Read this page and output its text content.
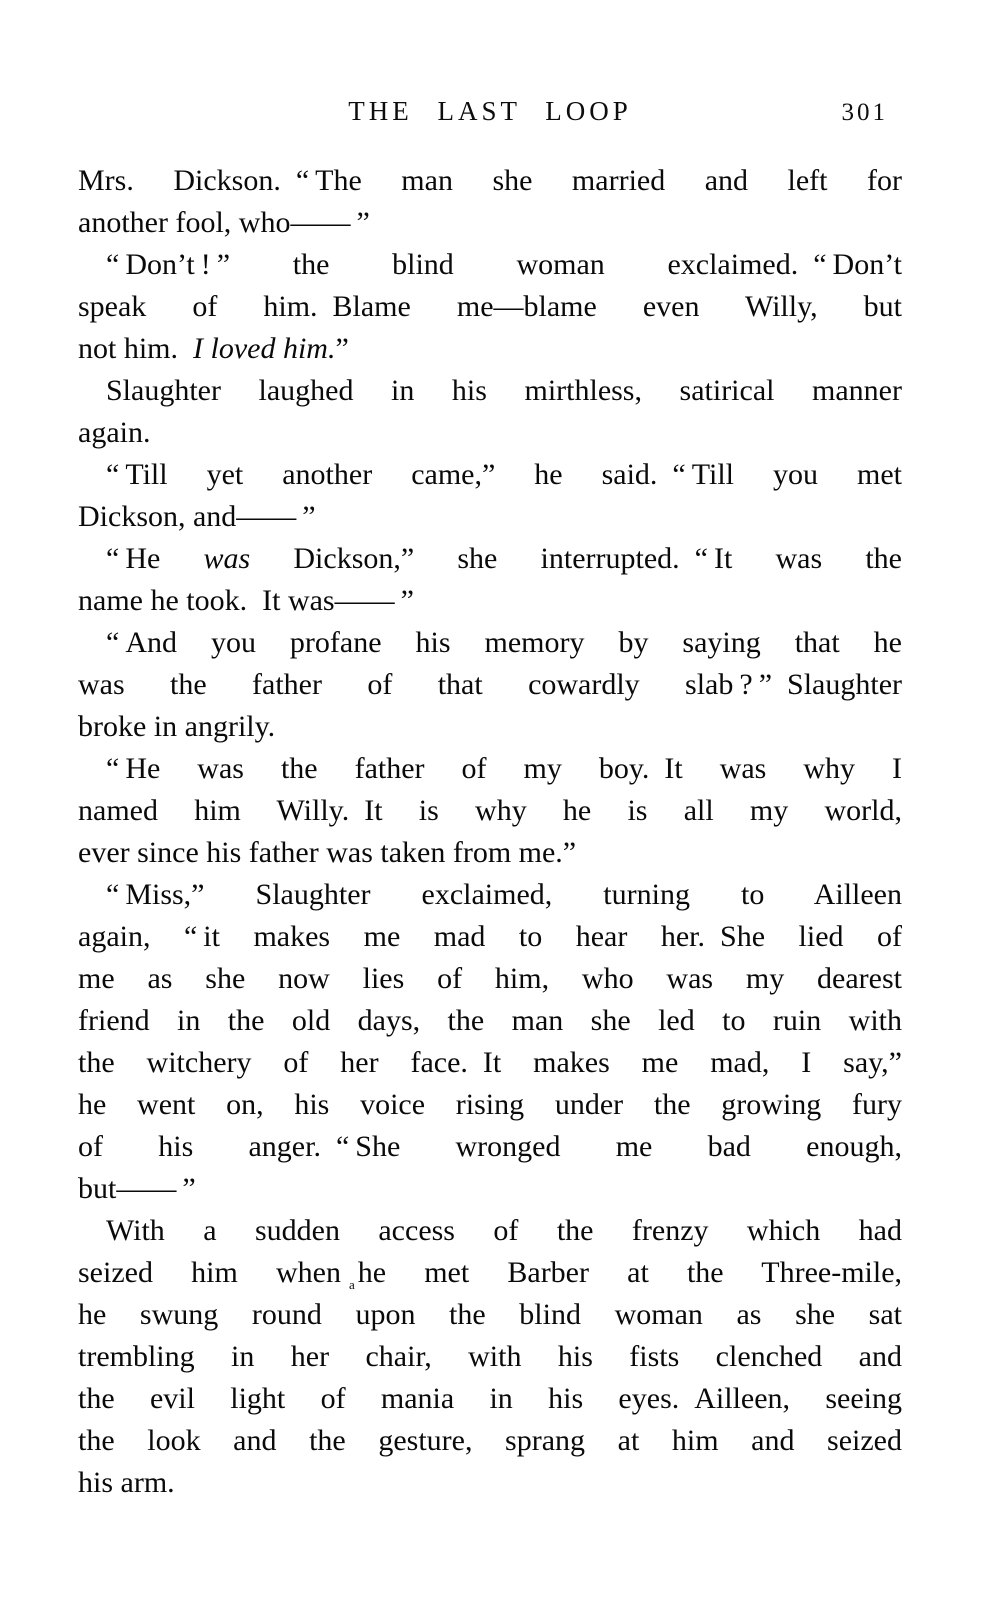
THE LAST LOOP	301
Mrs. Dickson. “ The man she married and left for
another fool, who—— ”
“ Don’t ! ” the blind woman exclaimed. “ Don’t
speak of him. Blame me—blame even Willy, but
not him. I loved him.”
Slaughter laughed in his mirthless, satirical manner
again.
“ Till yet another came,” he said. “ Till you met
Dickson, and—— ”
“ He was Dickson,” she interrupted. “ It was the
name he took. It was—— ”
“ And you profane his memory by saying that he
was the father of that cowardly slab ? ” Slaughter
broke in angrily.
“ He was the father of my boy. It was why I
named him Willy. It is why he is all my world,
ever since his father was taken from me.”
“ Miss,” Slaughter exclaimed, turning to Ailleen
again, “ it makes me mad to hear her. She lied of
me as she now lies of him, who was my dearest
friend in the old days, the man she led to ruin with
the witchery of her face. It makes me mad, I say,”
he went on, his voice rising under the growing fury
of his anger. “ She wronged me bad enough,
but—— ”
With a sudden access of the frenzy which had
seized him when a he met Barber at the Three-mile,
he swung round upon the blind woman as she sat
trembling in her chair, with his fists clenched and
the evil light of mania in his eyes. Ailleen, seeing
the look and the gesture, sprang at him and seized
his arm.
